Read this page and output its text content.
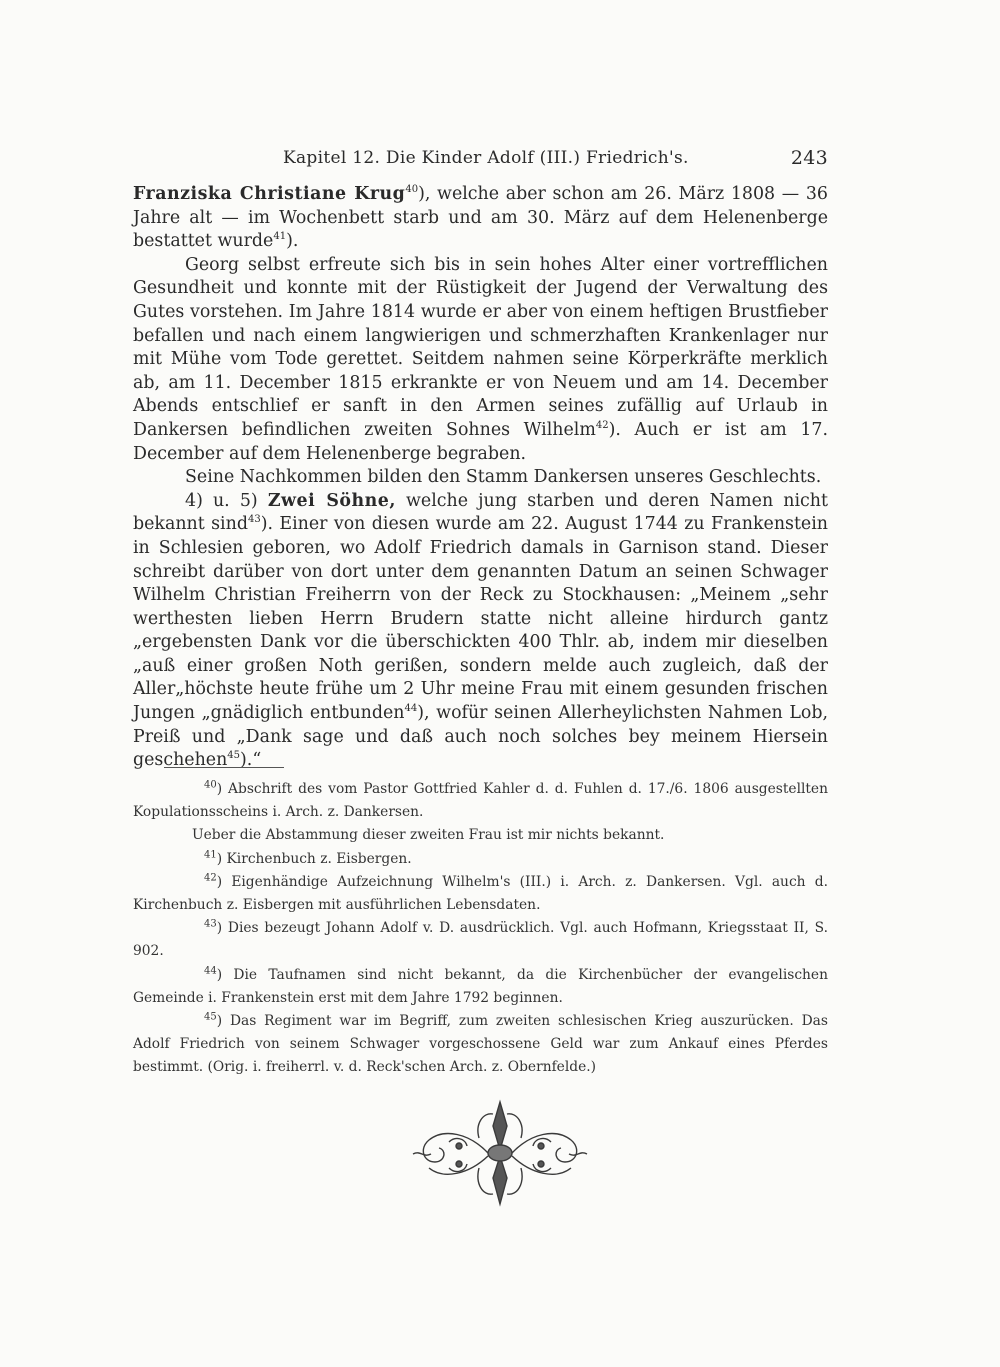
Kapitel 12. Die Kinder Adolf (III.) Friedrich's.	243

Franziska Christiane Krug$^{40}$), welche aber schon am 26. März 1808 — 36 Jahre alt — im Wochenbett starb und am 30. März auf dem Helenenberge bestattet wurde$^{41}$).

Georg selbst erfreute sich bis in sein hohes Alter einer vortrefflichen Gesundheit und konnte mit der Rüstigkeit der Jugend der Verwaltung des Gutes vorstehen. Im Jahre 1814 wurde er aber von einem heftigen Brustfieber befallen und nach einem langwierigen und schmerzhaften Krankenlager nur mit Mühe vom Tode gerettet. Seitdem nahmen seine Körperkräfte merklich ab, am 11. December 1815 erkrankte er von Neuem und am 14. December Abends entschlief er sanft in den Armen seines zufällig auf Urlaub in Dankersen befindlichen zweiten Sohnes Wilhelm$^{42}$). Auch er ist am 17. December auf dem Helenenberge begraben.

Seine Nachkommen bilden den Stamm Dankersen unseres Geschlechts.

4) u. 5) Zwei Söhne, welche jung starben und deren Namen nicht bekannt sind$^{43}$). Einer von diesen wurde am 22. August 1744 zu Frankenstein in Schlesien geboren, wo Adolf Friedrich damals in Garnison stand. Dieser schreibt darüber von dort unter dem genannten Datum an seinen Schwager Wilhelm Christian Freiherrn von der Reck zu Stockhausen: „Meinem „sehr werthesten lieben Herrn Brudern statte nicht alleine hirdurch gantz „ergebensten Dank vor die überschickten 400 Thlr. ab, indem mir dieselben „auß einer großen Noth gerißen, sondern melde auch zugleich, daß der Aller„höchste heute frühe um 2 Uhr meine Frau mit einem gesunden frischen Jungen „gnädiglich entbunden$^{44}$), wofür seinen Allerheylichsten Nahmen Lob, Preiß und „Dank sage und daß auch noch solches bey meinem Hiersein geschehen$^{45}$).“

$^{40}$) Abschrift des vom Pastor Gottfried Kahler d. d. Fuhlen d. 17./6. 1806 ausgestellten Kopulationsscheins i. Arch. z. Dankersen.

Ueber die Abstammung dieser zweiten Frau ist mir nichts bekannt.

$^{41}$) Kirchenbuch z. Eisbergen.

$^{42}$) Eigenhändige Aufzeichnung Wilhelm's (III.) i. Arch. z. Dankersen. Vgl. auch d. Kirchenbuch z. Eisbergen mit ausführlichen Lebensdaten.

$^{43}$) Dies bezeugt Johann Adolf v. D. ausdrücklich. Vgl. auch Hofmann, Kriegsstaat II, S. 902.

$^{44}$) Die Taufnamen sind nicht bekannt, da die Kirchenbücher der evangelischen Gemeinde i. Frankenstein erst mit dem Jahre 1792 beginnen.

$^{45}$) Das Regiment war im Begriff, zum zweiten schlesischen Krieg auszurücken. Das Adolf Friedrich von seinem Schwager vorgeschossene Geld war zum Ankauf eines Pferdes bestimmt. (Orig. i. freiherrl. v. d. Reck'schen Arch. z. Obernfelde.)
